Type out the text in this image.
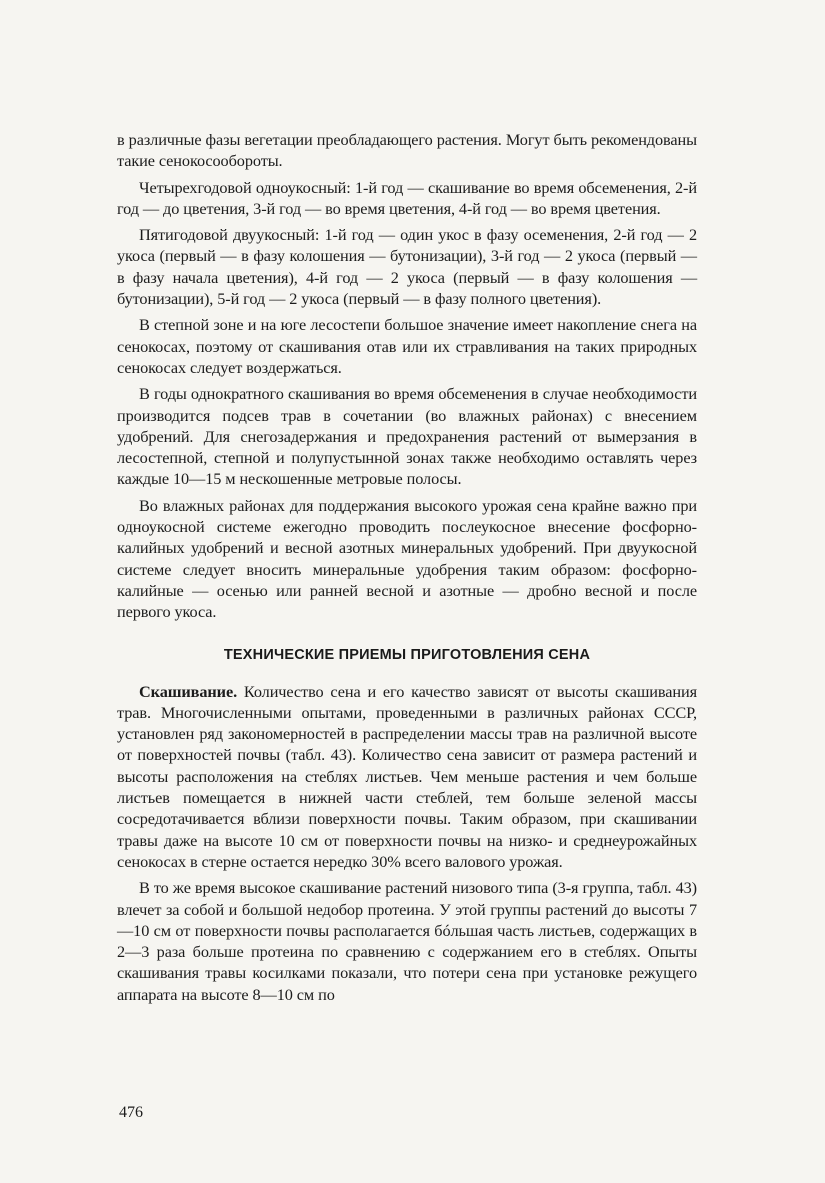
в различные фазы вегетации преобладающего растения. Могут быть рекомендованы такие сенокосообороты.

Четырехгодовой одноукосный: 1-й год — скашивание во время обсеменения, 2-й год — до цветения, 3-й год — во время цветения, 4-й год — во время цветения.

Пятигодовой двуукосный: 1-й год — один укос в фазу осеменения, 2-й год — 2 укоса (первый — в фазу колошения — бутонизации), 3-й год — 2 укоса (первый — в фазу начала цветения), 4-й год — 2 укоса (первый — в фазу колошения — бутонизации), 5-й год — 2 укоса (первый — в фазу полного цветения).

В степной зоне и на юге лесостепи большое значение имеет накопление снега на сенокосах, поэтому от скашивания отав или их стравливания на таких природных сенокосах следует воздержаться.

В годы однократного скашивания во время обсеменения в случае необходимости производится подсев трав в сочетании (во влажных районах) с внесением удобрений. Для снегозадержания и предохранения растений от вымерзания в лесостепной, степной и полупустынной зонах также необходимо оставлять через каждые 10—15 м нескошенные метровые полосы.

Во влажных районах для поддержания высокого урожая сена крайне важно при одноукосной системе ежегодно проводить послеукосное внесение фосфорно-калийных удобрений и весной азотных минеральных удобрений. При двуукосной системе следует вносить минеральные удобрения таким образом: фосфорно-калийные — осенью или ранней весной и азотные — дробно весной и после первого укоса.

ТЕХНИЧЕСКИЕ ПРИЕМЫ ПРИГОТОВЛЕНИЯ СЕНА

Скашивание. Количество сена и его качество зависят от высоты скашивания трав. Многочисленными опытами, проведенными в различных районах СССР, установлен ряд закономерностей в распределении массы трав на различной высоте от поверхностей почвы (табл. 43). Количество сена зависит от размера растений и высоты расположения на стеблях листьев. Чем меньше растения и чем больше листьев помещается в нижней части стеблей, тем больше зеленой массы сосредотачивается вблизи поверхности почвы. Таким образом, при скашивании травы даже на высоте 10 см от поверхности почвы на низко- и среднеурожайных сенокосах в стерне остается нередко 30% всего валового урожая.

В то же время высокое скашивание растений низового типа (3-я группа, табл. 43) влечет за собой и большой недобор протеина. У этой группы растений до высоты 7—10 см от поверхности почвы располагается бóльшая часть листьев, содержащих в 2—3 раза больше протеина по сравнению с содержанием его в стеблях. Опыты скашивания травы косилками показали, что потери сена при установке режущего аппарата на высоте 8—10 см по

476
